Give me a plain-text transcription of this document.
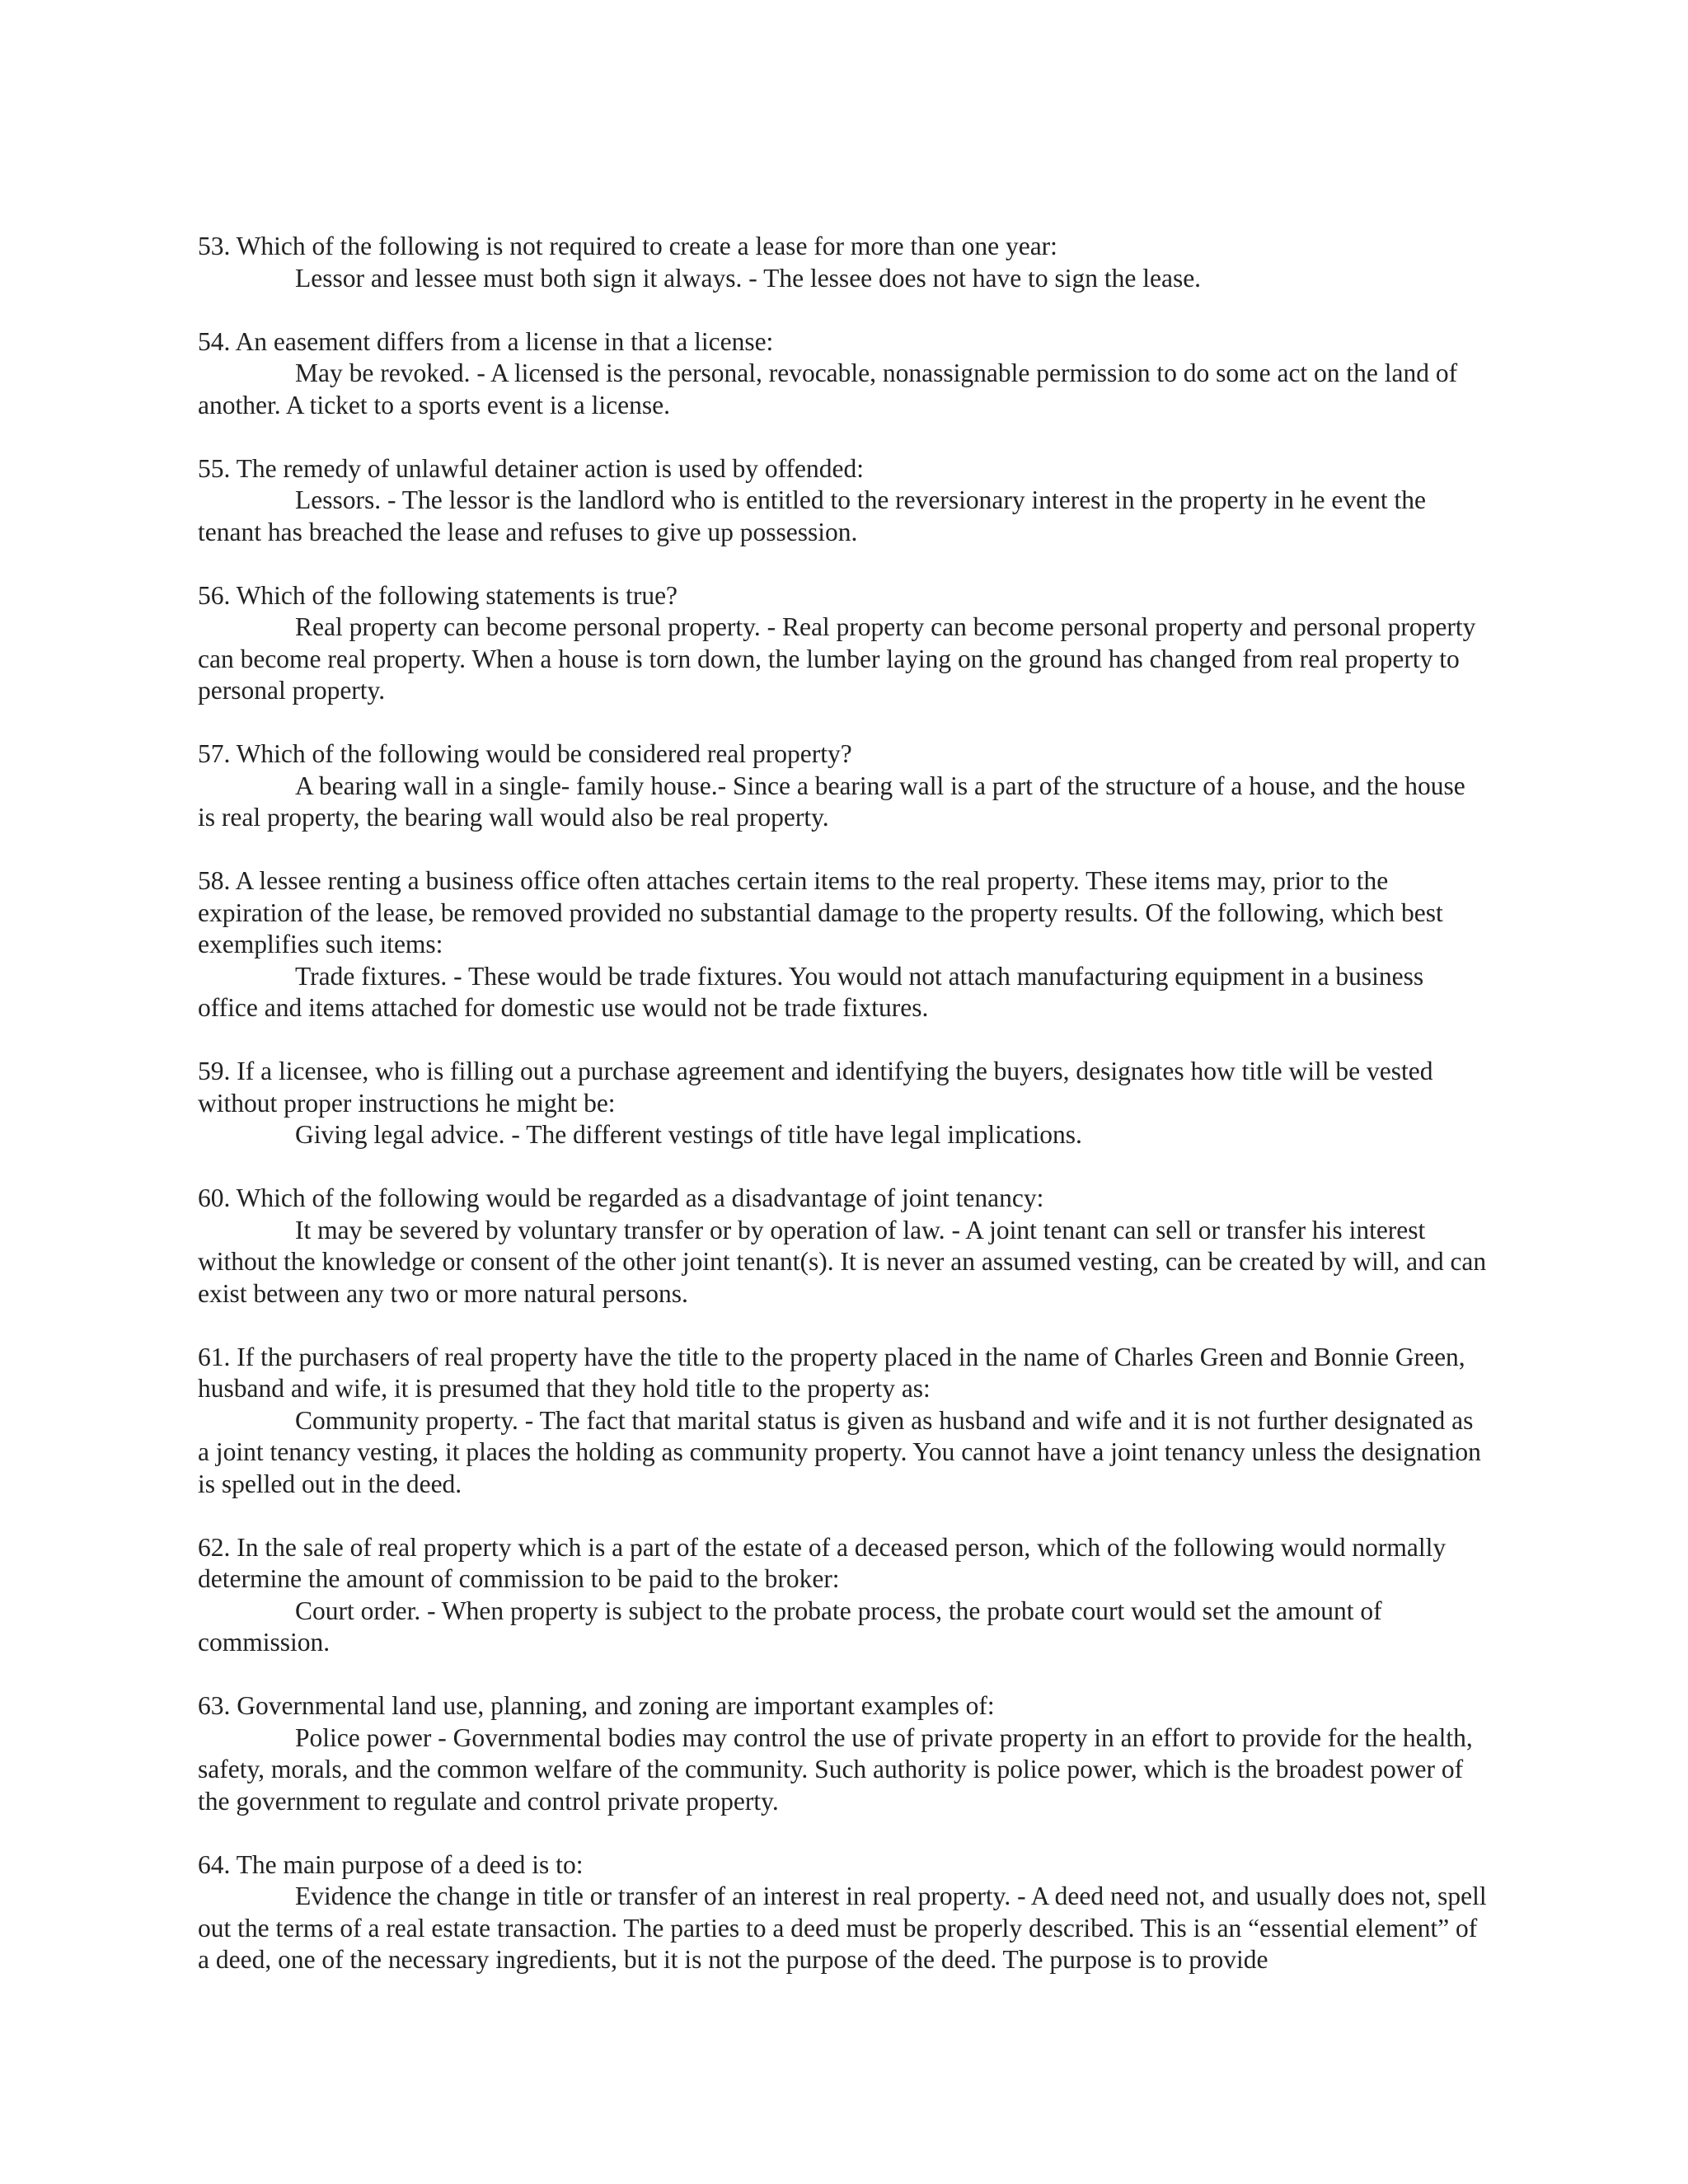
53. Which of the following is not required to create a lease for more than one year:

Lessor and lessee must both sign it always. - The lessee does not have to sign the lease.

54. An easement differs from a license in that a license:

May be revoked. - A licensed is the personal, revocable, nonassignable permission to do some act on the land of another. A ticket to a sports event is a license.

55. The remedy of unlawful detainer action is used by offended:

Lessors. - The lessor is the landlord who is entitled to the reversionary interest in the property in he event the tenant has breached the lease and refuses to give up possession.

56. Which of the following statements is true?

Real property can become personal property. - Real property can become personal property and personal property can become real property. When a house is torn down, the lumber laying on the ground has changed from real property to personal property.

57. Which of the following would be considered real property?

A bearing wall in a single- family house.- Since a bearing wall is a part of the structure of a house, and the house is real property, the bearing wall would also be real property.

58. A lessee renting a business office often attaches certain items to the real property. These items may, prior to the expiration of the lease, be removed provided no substantial damage to the property results. Of the following, which best exemplifies such items:

Trade fixtures. - These would be trade fixtures. You would not attach manufacturing equipment in a business office and items attached for domestic use would not be trade fixtures.

59. If a licensee, who is filling out a purchase agreement and identifying the buyers, designates how title will be vested without proper instructions he might be:

Giving legal advice. - The different vestings of title have legal implications.

60. Which of the following would be regarded as a disadvantage of joint tenancy:

It may be severed by voluntary transfer or by operation of law. - A joint tenant can sell or transfer his interest without the knowledge or consent of the other joint tenant(s). It is never an assumed vesting, can be created by will, and can exist between any two or more natural persons.

61. If the purchasers of real property have the title to the property placed in the name of Charles Green and Bonnie Green, husband and wife, it is presumed that they hold title to the property as:

Community property. - The fact that marital status is given as husband and wife and it is not further designated as a joint tenancy vesting, it places the holding as community property. You cannot have a joint tenancy unless the designation is spelled out in the deed.

62. In the sale of real property which is a part of the estate of a deceased person, which of the following would normally determine the amount of commission to be paid to the broker:

Court order. - When property is subject to the probate process, the probate court would set the amount of commission.

63. Governmental land use, planning, and zoning are important examples of:

Police power - Governmental bodies may control the use of private property in an effort to provide for the health, safety, morals, and the common welfare of the community. Such authority is police power, which is the broadest power of the government to regulate and control private property.

64. The main purpose of a deed is to:

Evidence the change in title or transfer of an interest in real property. - A deed need not, and usually does not, spell out the terms of a real estate transaction. The parties to a deed must be properly described. This is an “essential element” of a deed, one of the necessary ingredients, but it is not the purpose of the deed. The purpose is to provide
